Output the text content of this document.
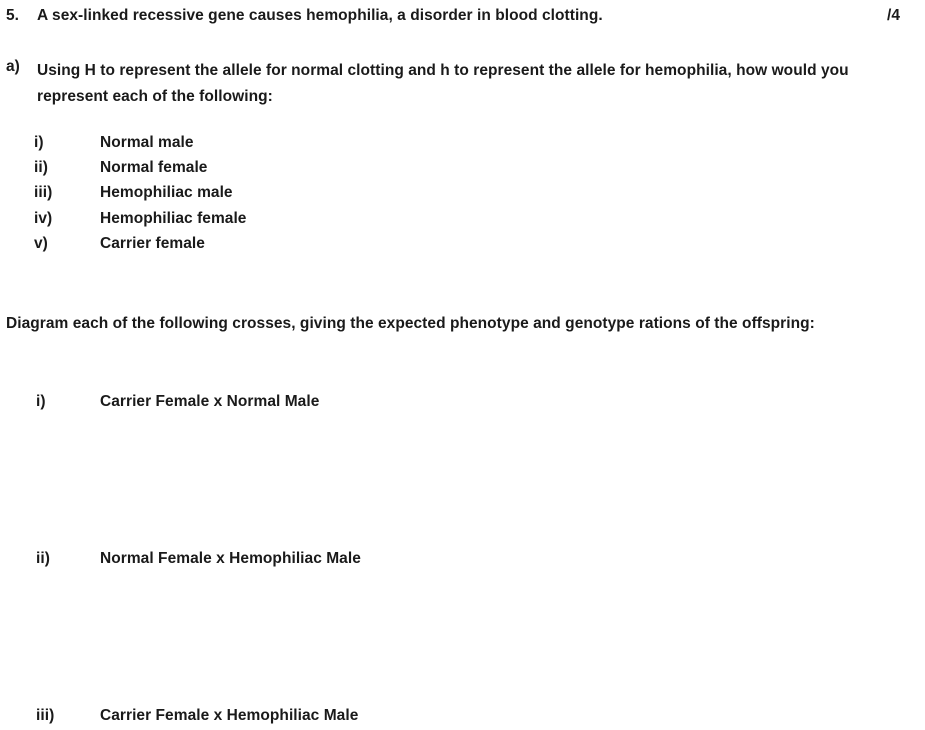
5. A sex-linked recessive gene causes hemophilia, a disorder in blood clotting.	/4
a) Using H to represent the allele for normal clotting and h to represent the allele for hemophilia, how would you
represent each of the following:
i)	Normal male
ii)	Normal female
iii)	Hemophiliac male
iv)	Hemophiliac female
v)	Carrier female
Diagram each of the following crosses, giving the expected phenotype and genotype rations of the offspring:
i)	Carrier Female x Normal Male
ii)	Normal Female x Hemophiliac Male
iii)	Carrier Female x Hemophiliac Male
